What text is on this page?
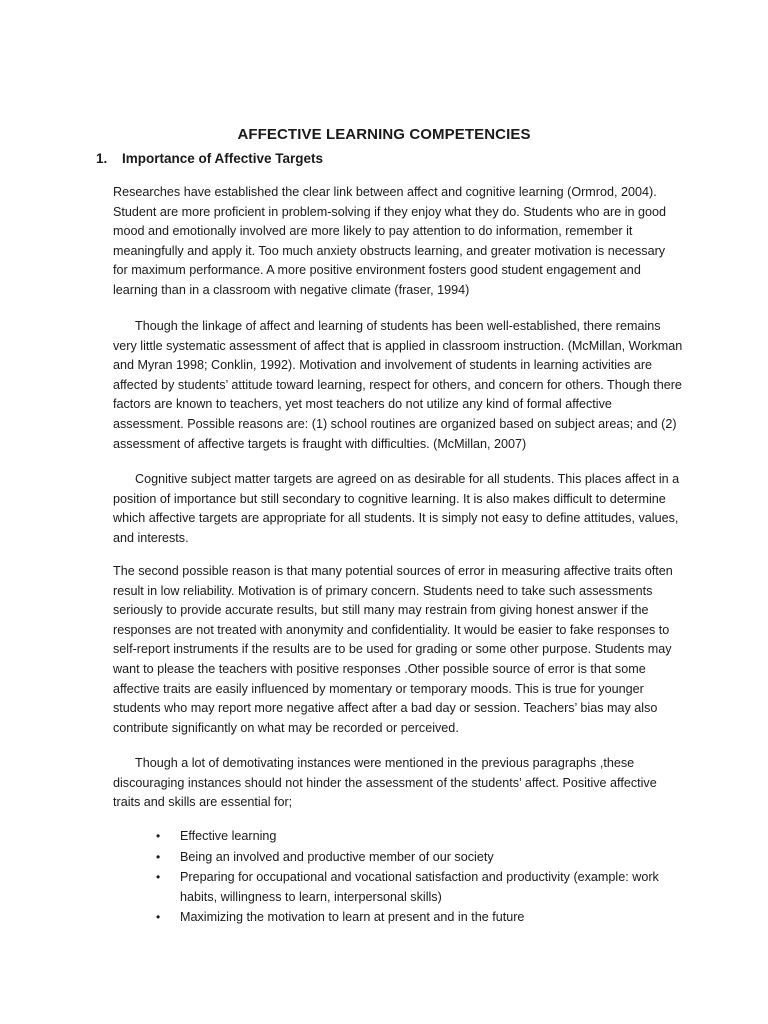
AFFECTIVE LEARNING COMPETENCIES
1. Importance of Affective Targets

Researches have established the clear link between affect and cognitive learning (Ormrod, 2004). Student are more proficient in problem-solving if they enjoy what they do. Students who are in good mood and emotionally involved are more likely to pay attention to do information, remember it meaningfully and apply it. Too much anxiety obstructs learning, and greater motivation is necessary for maximum performance. A more positive environment fosters good student engagement and learning than in a classroom with negative climate (fraser, 1994)

Though the linkage of affect and learning of students has been well-established, there remains very little systematic assessment of affect that is applied in classroom instruction. (McMillan, Workman and Myran 1998; Conklin, 1992). Motivation and involvement of students in learning activities are affected by students’ attitude toward learning, respect for others, and concern for others. Though there factors are known to teachers, yet most teachers do not utilize any kind of formal affective assessment. Possible reasons are: (1) school routines are organized based on subject areas; and (2) assessment of affective targets is fraught with difficulties. (McMillan, 2007)

Cognitive subject matter targets are agreed on as desirable for all students. This places affect in a position of importance but still secondary to cognitive learning. It is also makes difficult to determine which affective targets are appropriate for all students. It is simply not easy to define attitudes, values, and interests.

The second possible reason is that many potential sources of error in measuring affective traits often result in low reliability. Motivation is of primary concern. Students need to take such assessments seriously to provide accurate results, but still many may restrain from giving honest answer if the responses are not treated with anonymity and confidentiality. It would be easier to fake responses to self-report instruments if the results are to be used for grading or some other purpose. Students may want to please the teachers with positive responses .Other possible source of error is that some affective traits are easily influenced by momentary or temporary moods. This is true for younger students who may report more negative affect after a bad day or session. Teachers’ bias may also contribute significantly on what may be recorded or perceived.

Though a lot of demotivating instances were mentioned in the previous paragraphs ,these discouraging instances should not hinder the assessment of the students’ affect. Positive affective traits and skills are essential for;

• Effective learning
• Being an involved and productive member of our society
• Preparing for occupational and vocational satisfaction and productivity (example: work habits, willingness to learn, interpersonal skills)
• Maximizing the motivation to learn at present and in the future
